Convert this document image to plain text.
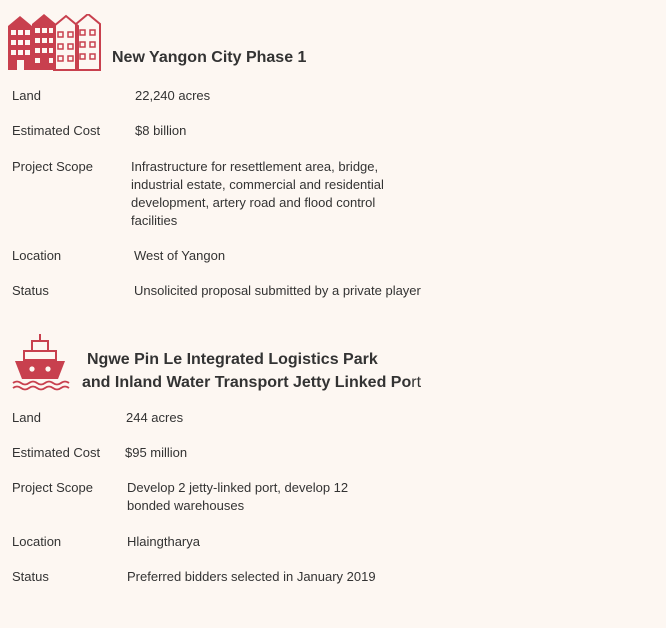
New Yangon City Phase 1
Land	22,240 acres
Estimated Cost	$8 billion
Project Scope	Infrastructure for resettlement area, bridge,
industrial estate, commercial and residential
development, artery road and flood control
facilities
Location	West of Yangon
Status	Unsolicited proposal submitted by a private player
Ngwe Pin Le Integrated Logistics Park
and Inland Water Transport Jetty Linked Port
Land	244 acres
Estimated Cost $95 million
Project Scope	Develop 2 jetty-linked port, develop 12
bonded warehouses
Location	Hlaingtharya
Status	Preferred bidders selected in January 2019
